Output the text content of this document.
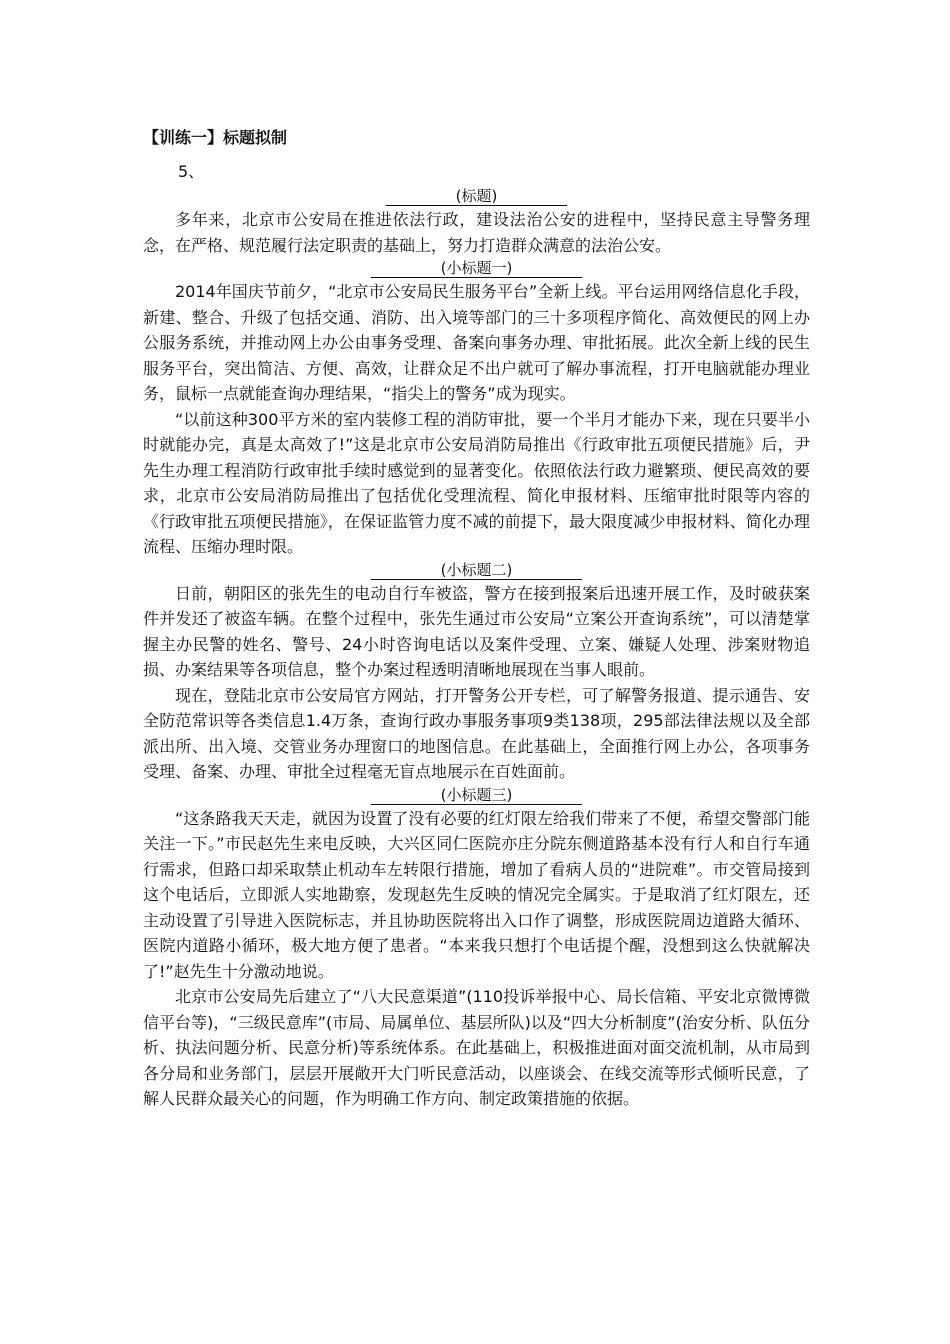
【训练一】标题拟制

5、

(标题)

多年来，北京市公安局在推进依法行政，建设法治公安的进程中，坚持民意主导警务理念，在严格、规范履行法定职责的基础上，努力打造群众满意的法治公安。

(小标题一)

2014年国庆节前夕，“北京市公安局民生服务平台”全新上线。平台运用网络信息化手段，新建、整合、升级了包括交通、消防、出入境等部门的三十多项程序简化、高效便民的网上办公服务系统，并推动网上办公由事务受理、备案向事务办理、审批拓展。此次全新上线的民生服务平台，突出简洁、方便、高效，让群众足不出户就可了解办事流程，打开电脑就能办理业务，鼠标一点就能查询办理结果，“指尖上的警务”成为现实。

“以前这种300平方米的室内装修工程的消防审批，要一个半月才能办下来，现在只要半小时就能办完，真是太高效了!”这是北京市公安局消防局推出《行政审批五项便民措施》后，尹先生办理工程消防行政审批手续时感觉到的显著变化。依照依法行政力避繁琐、便民高效的要求，北京市公安局消防局推出了包括优化受理流程、简化申报材料、压缩审批时限等内容的《行政审批五项便民措施》，在保证监管力度不减的前提下，最大限度减少申报材料、简化办理流程、压缩办理时限。

(小标题二)

日前，朝阳区的张先生的电动自行车被盗，警方在接到报案后迅速开展工作，及时破获案件并发还了被盗车辆。在整个过程中，张先生通过市公安局“立案公开查询系统”，可以清楚掌握主办民警的姓名、警号、24小时咨询电话以及案件受理、立案、嫌疑人处理、涉案财物追损、办案结果等各项信息，整个办案过程透明清晰地展现在当事人眼前。

现在，登陆北京市公安局官方网站，打开警务公开专栏，可了解警务报道、提示通告、安全防范常识等各类信息1.4万条，查询行政办事服务事项9类138项，295部法律法规以及全部派出所、出入境、交管业务办理窗口的地图信息。在此基础上，全面推行网上办公，各项事务受理、备案、办理、审批全过程毫无盲点地展示在百姓面前。

(小标题三)

“这条路我天天走，就因为设置了没有必要的红灯限左给我们带来了不便，希望交警部门能关注一下。”市民赵先生来电反映，大兴区同仁医院亦庄分院东侧道路基本没有行人和自行车通行需求，但路口却采取禁止机动车左转限行措施，增加了看病人员的“进院难”。市交管局接到这个电话后，立即派人实地勘察，发现赵先生反映的情况完全属实。于是取消了红灯限左，还主动设置了引导进入医院标志，并且协助医院将出入口作了调整，形成医院周边道路大循环、医院内道路小循环，极大地方便了患者。“本来我只想打个电话提个醒，没想到这么快就解决了!”赵先生十分激动地说。

北京市公安局先后建立了“八大民意渠道”(110投诉举报中心、局长信箱、平安北京微博微信平台等)，“三级民意库”(市局、局属单位、基层所队)以及“四大分析制度”(治安分析、队伍分析、执法问题分析、民意分析)等系统体系。在此基础上，积极推进面对面交流机制，从市局到各分局和业务部门，层层开展敞开大门听民意活动，以座谈会、在线交流等形式倾听民意，了解人民群众最关心的问题，作为明确工作方向、制定政策措施的依据。
